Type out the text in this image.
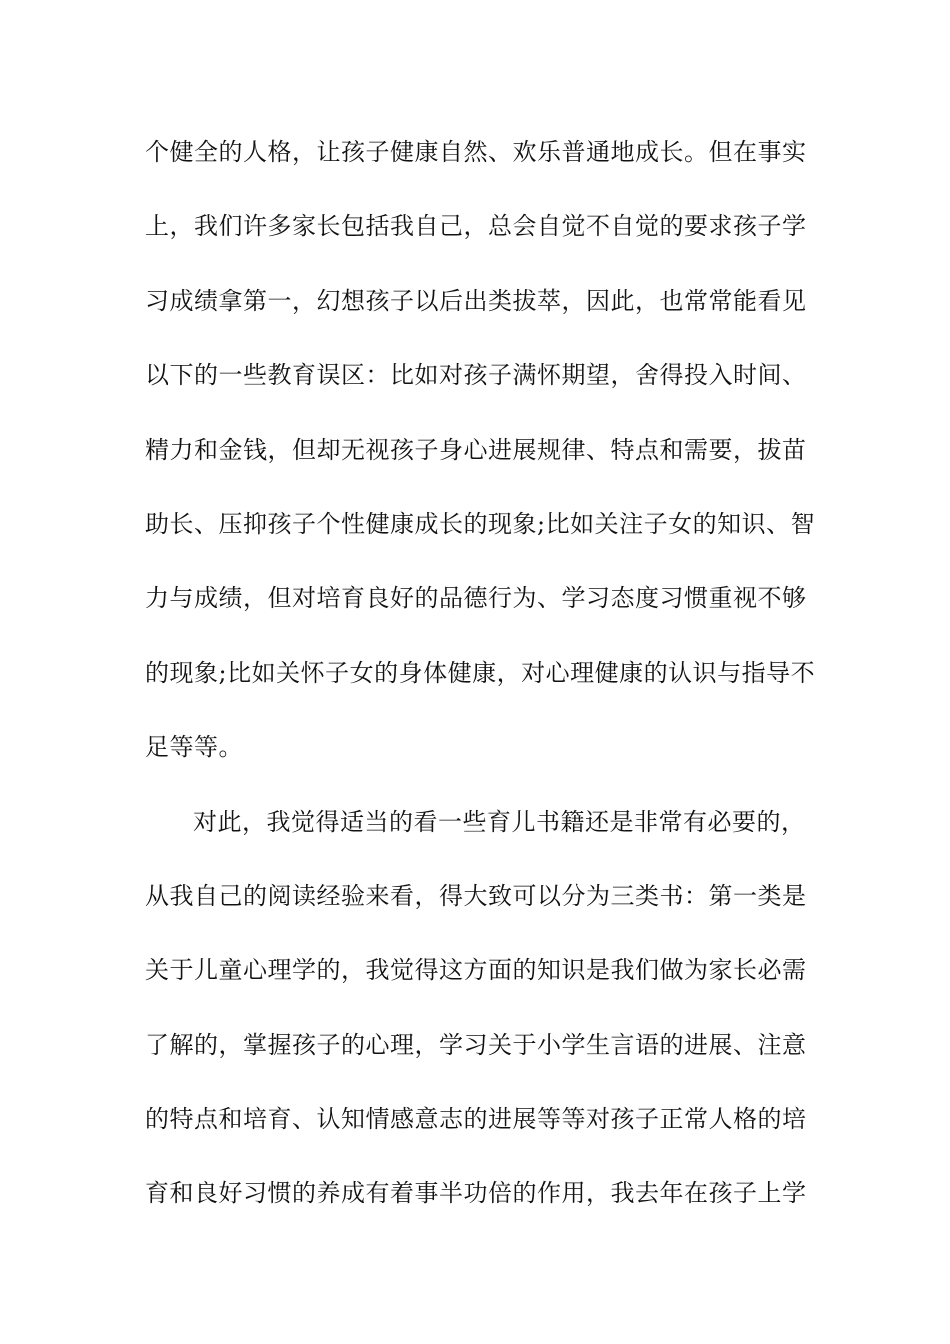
个健全的人格，让孩子健康自然、欢乐普通地成长。但在事实
上，我们许多家长包括我自己，总会自觉不自觉的要求孩子学
习成绩拿第一，幻想孩子以后出类拔萃，因此，也常常能看见
以下的一些教育误区：比如对孩子满怀期望，舍得投入时间、
精力和金钱，但却无视孩子身心进展规律、特点和需要，拔苗
助长、压抑孩子个性健康成长的现象;比如关注子女的知识、智
力与成绩，但对培育良好的品德行为、学习态度习惯重视不够
的现象;比如关怀子女的身体健康，对心理健康的认识与指导不
足等等。
对此，我觉得适当的看一些育儿书籍还是非常有必要的，
从我自己的阅读经验来看，得大致可以分为三类书：第一类是
关于儿童心理学的，我觉得这方面的知识是我们做为家长必需
了解的，掌握孩子的心理，学习关于小学生言语的进展、注意
的特点和培育、认知情感意志的进展等等对孩子正常人格的培
育和良好习惯的养成有着事半功倍的作用，我去年在孩子上学
